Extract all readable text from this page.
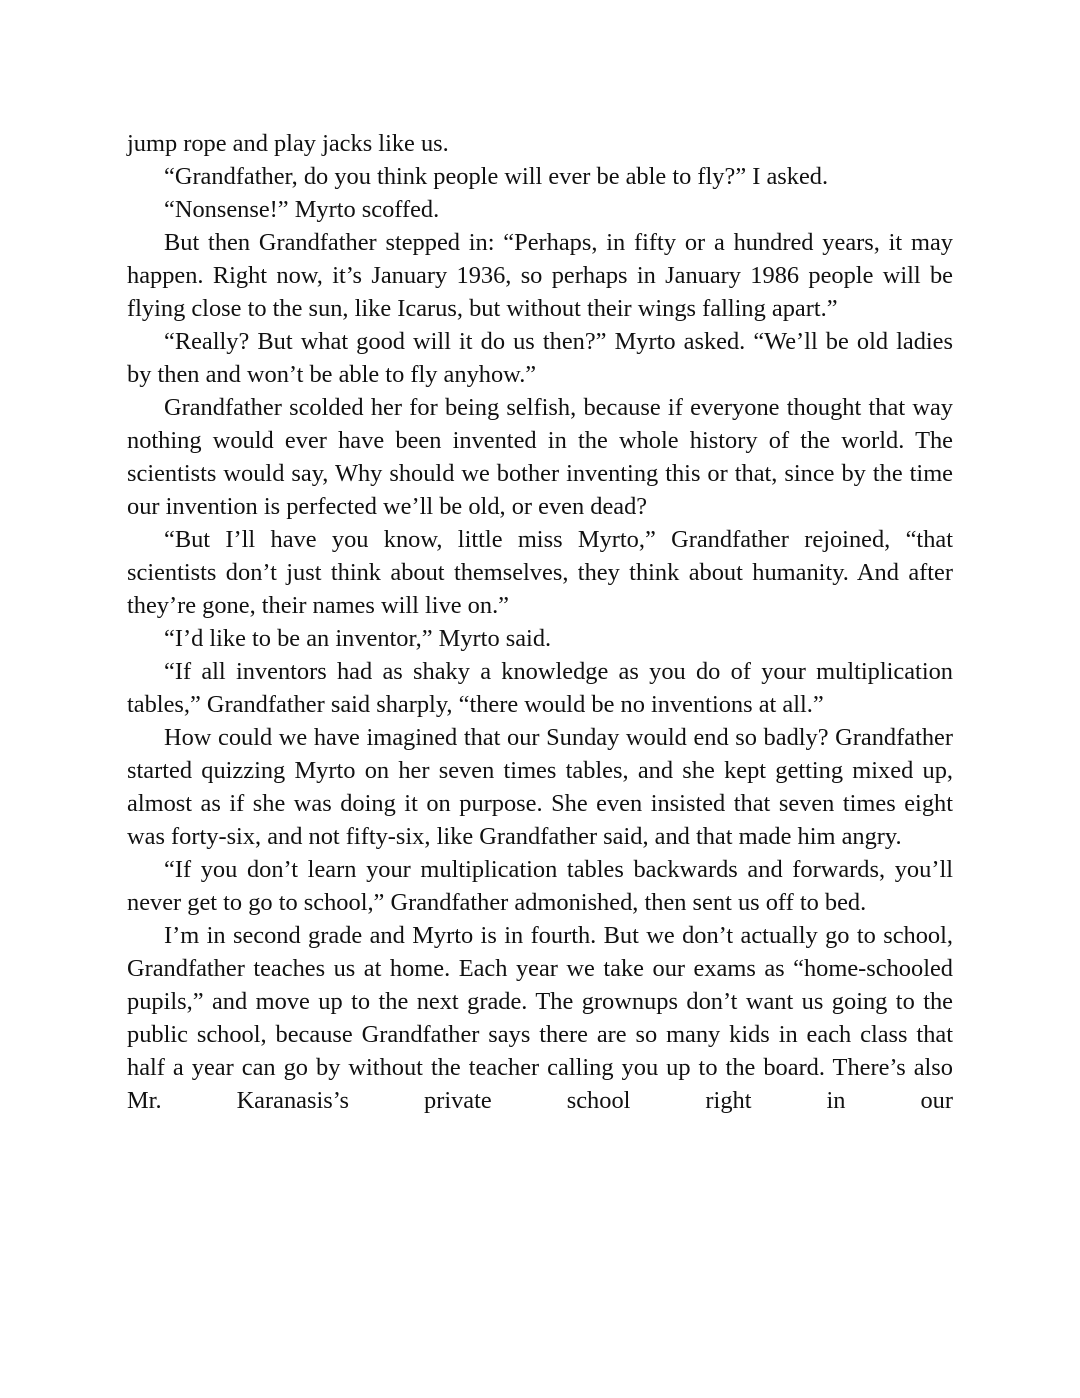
jump rope and play jacks like us.

“Grandfather, do you think people will ever be able to fly?” I asked.

“Nonsense!” Myrto scoffed.

But then Grandfather stepped in: “Perhaps, in fifty or a hundred years, it may happen. Right now, it’s January 1936, so perhaps in January 1986 people will be flying close to the sun, like Icarus, but without their wings falling apart.”

“Really? But what good will it do us then?” Myrto asked. “We’ll be old ladies by then and won’t be able to fly anyhow.”

Grandfather scolded her for being selfish, because if everyone thought that way nothing would ever have been invented in the whole history of the world. The scientists would say, Why should we bother inventing this or that, since by the time our invention is perfected we’ll be old, or even dead?

“But I’ll have you know, little miss Myrto,” Grandfather rejoined, “that scientists don’t just think about themselves, they think about humanity. And after they’re gone, their names will live on.”

“I’d like to be an inventor,” Myrto said.

“If all inventors had as shaky a knowledge as you do of your multiplication tables,” Grandfather said sharply, “there would be no inventions at all.”

How could we have imagined that our Sunday would end so badly? Grandfather started quizzing Myrto on her seven times tables, and she kept getting mixed up, almost as if she was doing it on purpose. She even insisted that seven times eight was forty-six, and not fifty-six, like Grandfather said, and that made him angry.

“If you don’t learn your multiplication tables backwards and forwards, you’ll never get to go to school,” Grandfather admonished, then sent us off to bed.

I’m in second grade and Myrto is in fourth. But we don’t actually go to school, Grandfather teaches us at home. Each year we take our exams as “home-schooled pupils,” and move up to the next grade. The grownups don’t want us going to the public school, because Grandfather says there are so many kids in each class that half a year can go by without the teacher calling you up to the board. There’s also Mr. Karanasis’s private school right in our
